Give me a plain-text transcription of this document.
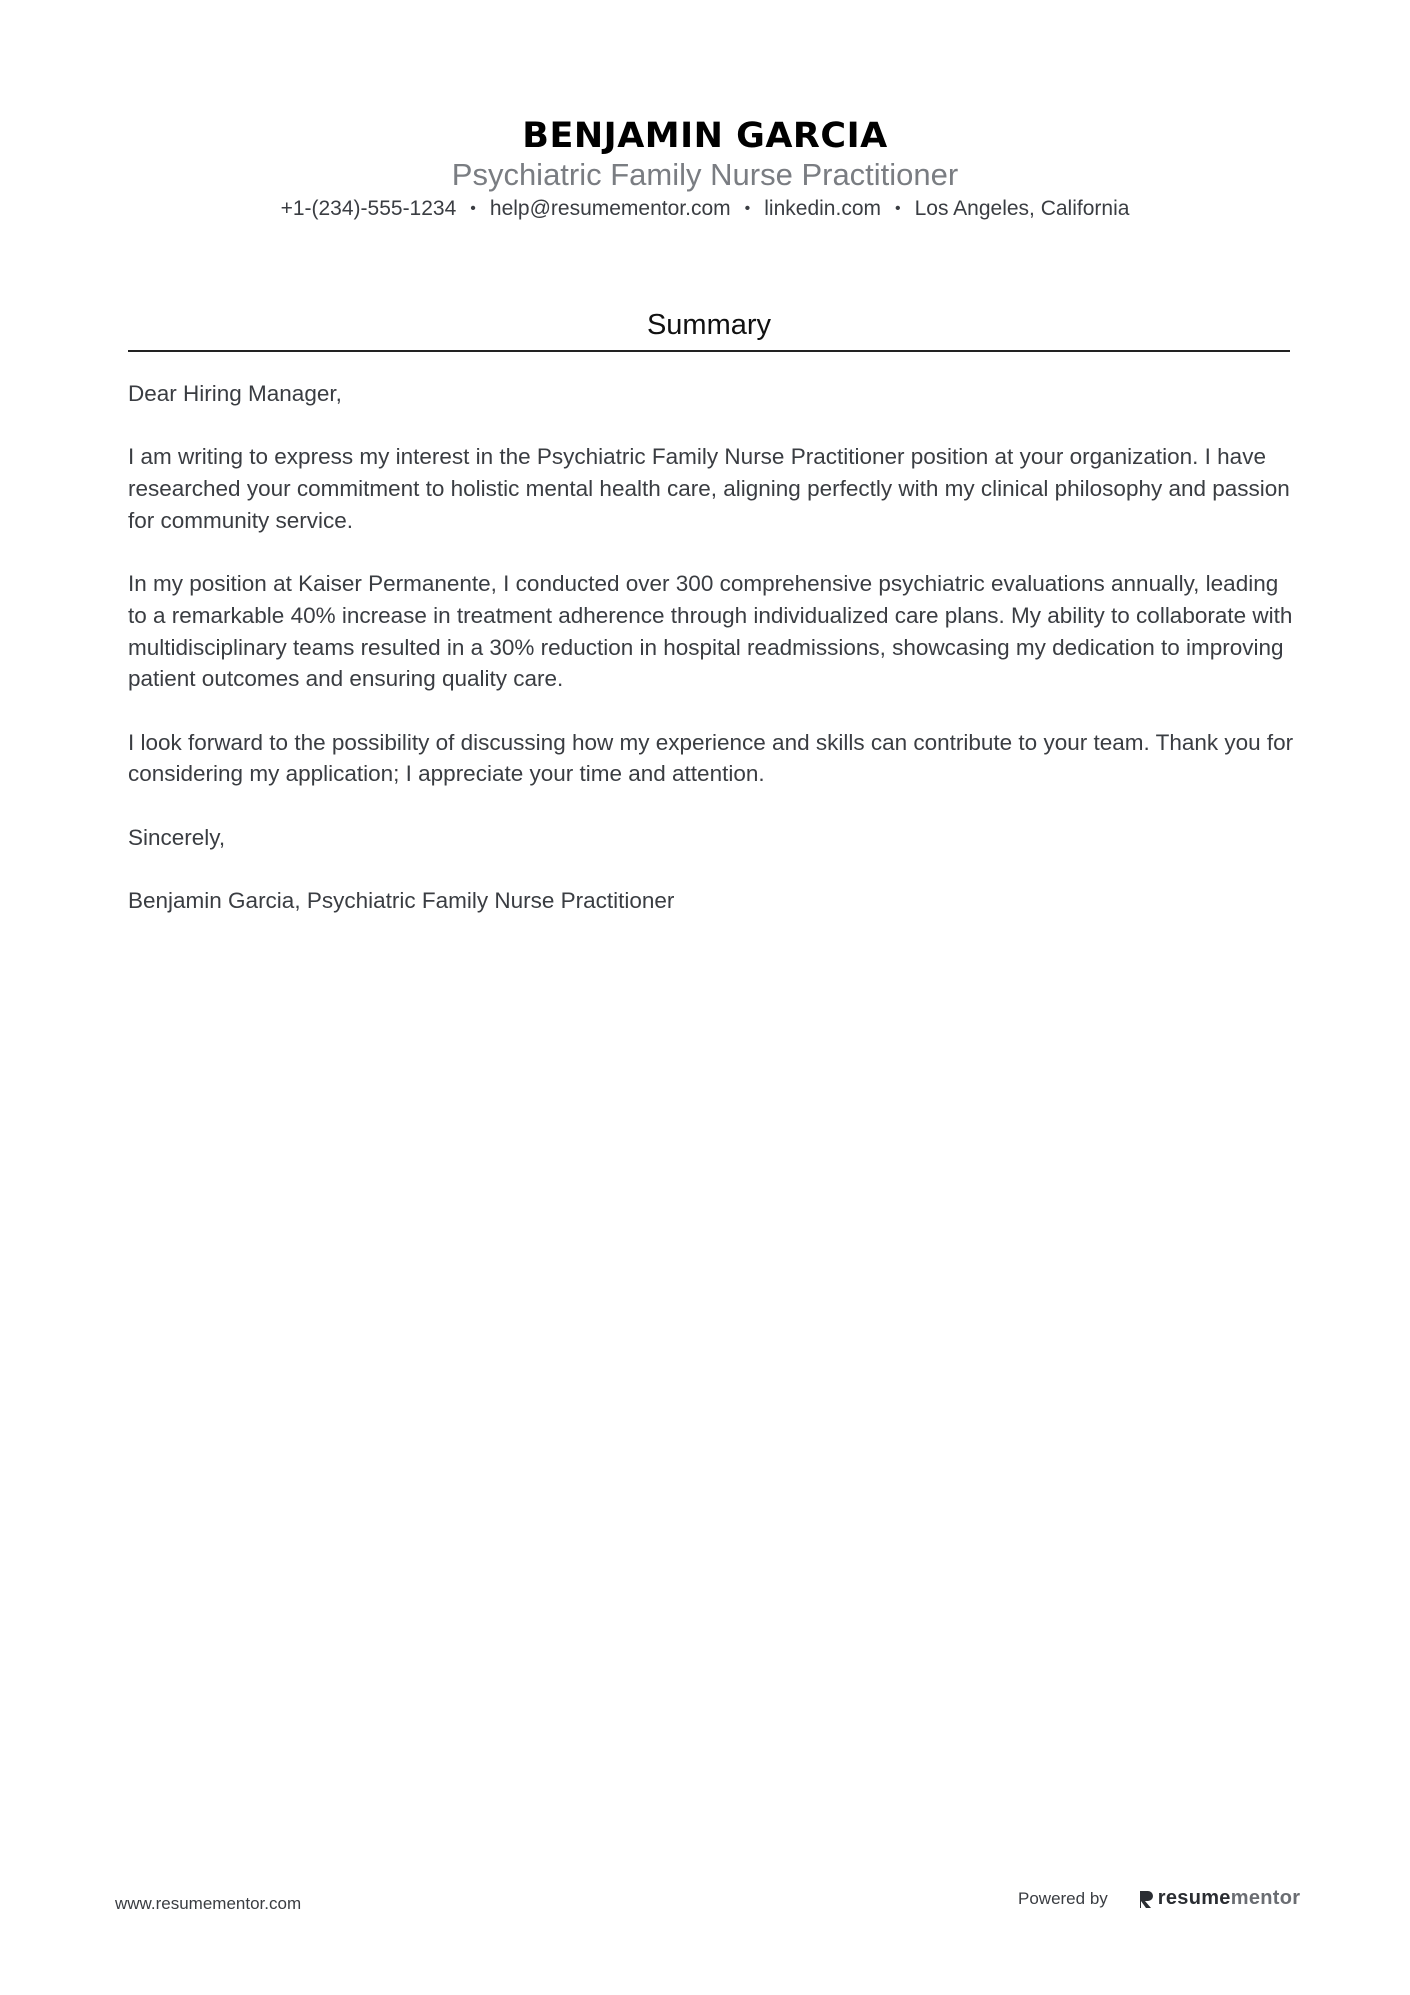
BENJAMIN GARCIA
Psychiatric Family Nurse Practitioner
+1-(234)-555-1234 • help@resumementor.com • linkedin.com • Los Angeles, California
Summary

Dear Hiring Manager,

I am writing to express my interest in the Psychiatric Family Nurse Practitioner position at your organization. I have researched your commitment to holistic mental health care, aligning perfectly with my clinical philosophy and passion for community service.

In my position at Kaiser Permanente, I conducted over 300 comprehensive psychiatric evaluations annually, leading to a remarkable 40% increase in treatment adherence through individualized care plans. My ability to collaborate with multidisciplinary teams resulted in a 30% reduction in hospital readmissions, showcasing my dedication to improving patient outcomes and ensuring quality care.

I look forward to the possibility of discussing how my experience and skills can contribute to your team. Thank you for considering my application; I appreciate your time and attention.

Sincerely,

Benjamin Garcia, Psychiatric Family Nurse Practitioner

www.resumementor.com	Powered by	resume mentor
